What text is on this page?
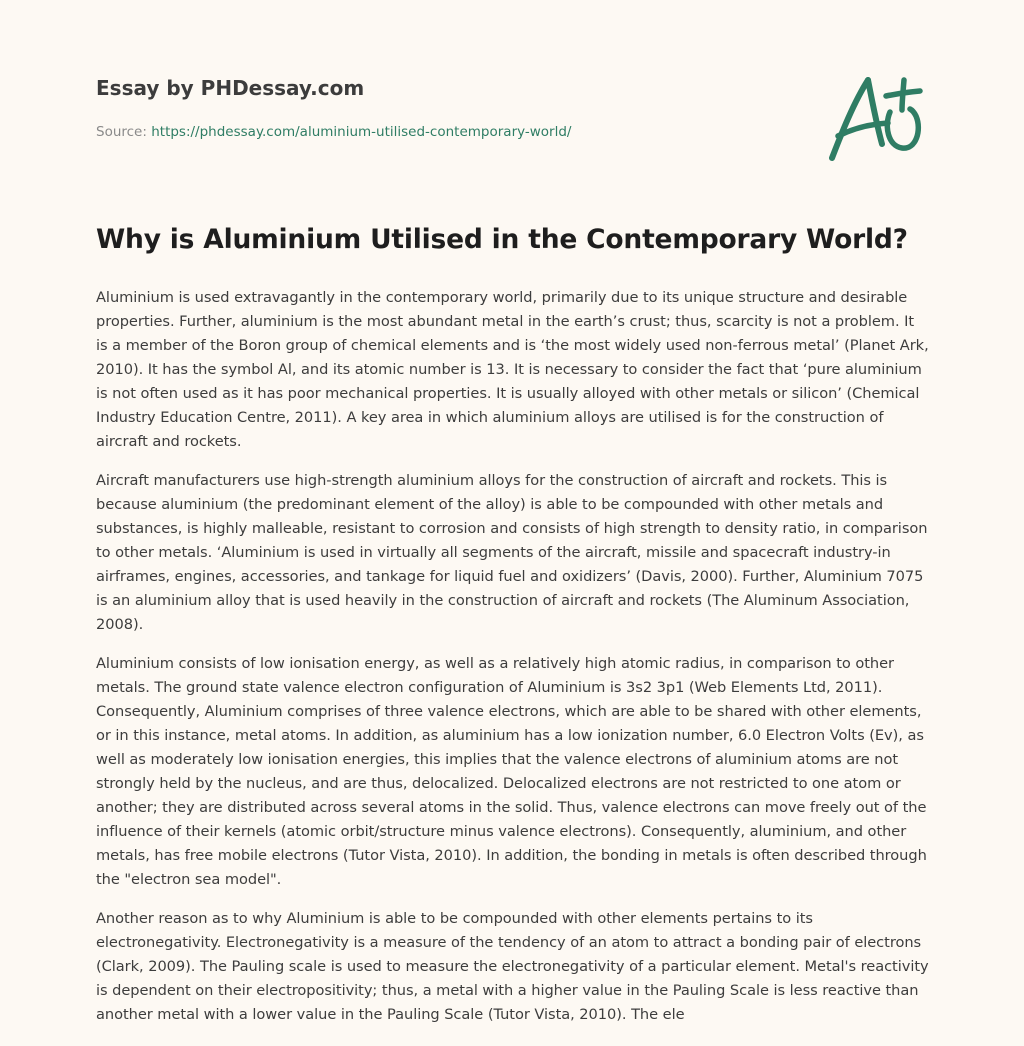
Essay by PHDessay.com
Source: https://phdessay.com/aluminium-utilised-contemporary-world/
Why is Aluminium Utilised in the Contemporary World?

Aluminium is used extravagantly in the contemporary world, primarily due to its unique structure and desirable properties. Further, aluminium is the most abundant metal in the earth’s crust; thus, scarcity is not a problem. It is a member of the Boron group of chemical elements and is ‘the most widely used non-ferrous metal’ (Planet Ark, 2010). It has the symbol Al, and its atomic number is 13. It is necessary to consider the fact that ‘pure aluminium is not often used as it has poor mechanical properties. It is usually alloyed with other metals or silicon’ (Chemical Industry Education Centre, 2011). A key area in which aluminium alloys are utilised is for the construction of aircraft and rockets.

Aircraft manufacturers use high-strength aluminium alloys for the construction of aircraft and rockets. This is because aluminium (the predominant element of the alloy) is able to be compounded with other metals and substances, is highly malleable, resistant to corrosion and consists of high strength to density ratio, in comparison to other metals. ‘Aluminium is used in virtually all segments of the aircraft, missile and spacecraft industry-in airframes, engines, accessories, and tankage for liquid fuel and oxidizers’ (Davis, 2000). Further, Aluminium 7075 is an aluminium alloy that is used heavily in the construction of aircraft and rockets (The Aluminum Association, 2008).

Aluminium consists of low ionisation energy, as well as a relatively high atomic radius, in comparison to other metals. The ground state valence electron configuration of Aluminium is 3s2 3p1 (Web Elements Ltd, 2011). Consequently, Aluminium comprises of three valence electrons, which are able to be shared with other elements, or in this instance, metal atoms. In addition, as aluminium has a low ionization number, 6.0 Electron Volts (Ev), as well as moderately low ionisation energies, this implies that the valence electrons of aluminium atoms are not strongly held by the nucleus, and are thus, delocalized. Delocalized electrons are not restricted to one atom or another; they are distributed across several atoms in the solid. Thus, valence electrons can move freely out of the influence of their kernels (atomic orbit/structure minus valence electrons). Consequently, aluminium, and other metals, has free mobile electrons (Tutor Vista, 2010). In addition, the bonding in metals is often described through the "electron sea model".

Another reason as to why Aluminium is able to be compounded with other elements pertains to its electronegativity. Electronegativity is a measure of the tendency of an atom to attract a bonding pair of electrons (Clark, 2009). The Pauling scale is used to measure the electronegativity of a particular element. Metal's reactivity is dependent on their electropositivity; thus, a metal with a higher value in the Pauling Scale is less reactive than another metal with a lower value in the Pauling Scale (Tutor Vista, 2010). The ele
